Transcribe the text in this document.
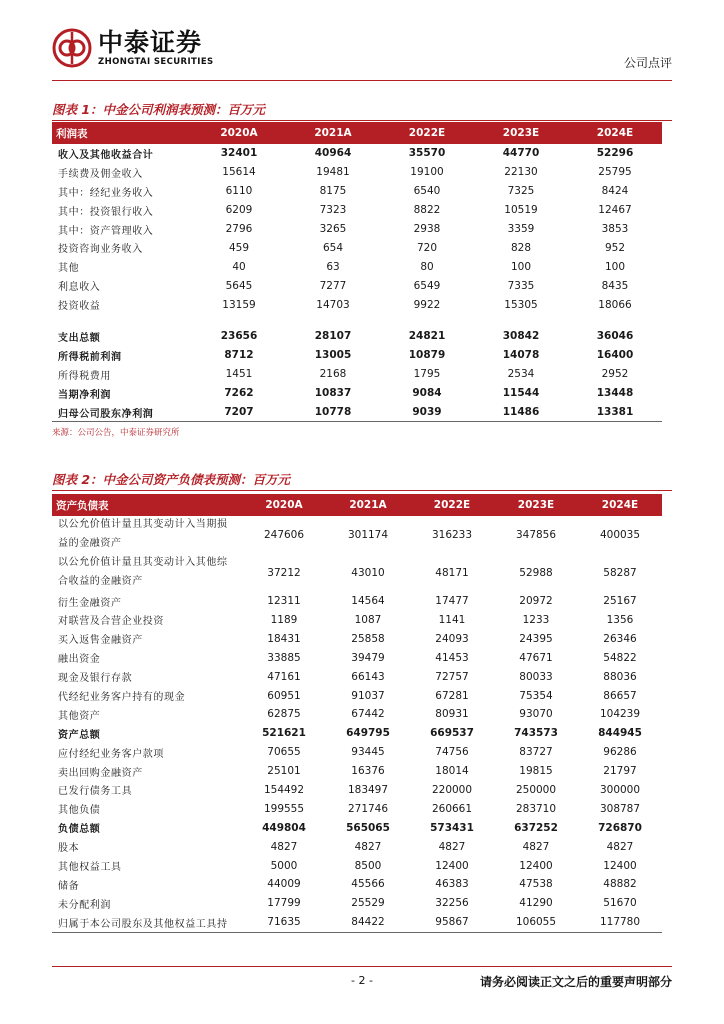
中泰证券
ZHONGTAI SECURITIES	公司点评
图表 1：中金公司利润表预测：百万元
利润表	2020A	2021A	2022E	2023E	2024E
收入及其他收益合计	32401	40964	35570	44770	52296
手续费及佣金收入	15614	19481	19100	22130	25795
其中：经纪业务收入	6110	8175	6540	7325	8424
其中：投资银行收入	6209	7323	8822	10519	12467
其中：资产管理收入	2796	3265	2938	3359	3853
投资咨询业务收入	459	654	720	828	952
其他	40	63	80	100	100
利息收入	5645	7277	6549	7335	8435
投资收益	13159	14703	9922	15305	18066

支出总额	23656	28107	24821	30842	36046
所得税前利润	8712	13005	10879	14078	16400
所得税费用	1451	2168	1795	2534	2952
当期净利润	7262	10837	9084	11544	13448
归母公司股东净利润	7207	10778	9039	11486	13381
来源：公司公告，中泰证券研究所
图表 2：中金公司资产负债表预测：百万元
资产负债表	2020A	2021A	2022E	2023E	2024E
以公允价值计量且其变动计入当期损
益的金融资产	247606	301174	316233	347856	400035
以公允价值计量且其变动计入其他综
合收益的金融资产	37212	43010	48171	52988	58287
衍生金融资产	12311	14564	17477	20972	25167
对联营及合营企业投资	1189	1087	1141	1233	1356
买入返售金融资产	18431	25858	24093	24395	26346
融出资金	33885	39479	41453	47671	54822
现金及银行存款	47161	66143	72757	80033	88036
代经纪业务客户持有的现金	60951	91037	67281	75354	86657
其他资产	62875	67442	80931	93070	104239
资产总额	521621	649795	669537	743573	844945
应付经纪业务客户款项	70655	93445	74756	83727	96286
卖出回购金融资产	25101	16376	18014	19815	21797
已发行债务工具	154492	183497	220000	250000	300000
其他负债	199555	271746	260661	283710	308787
负债总额	449804	565065	573431	637252	726870
股本	4827	4827	4827	4827	4827
其他权益工具	5000	8500	12400	12400	12400
储备	44009	45566	46383	47538	48882
未分配利润	17799	25529	32256	41290	51670
归属于本公司股东及其他权益工具持	71635	84422	95867	106055	117780
- 2 -	请务必阅读正文之后的重要声明部分
